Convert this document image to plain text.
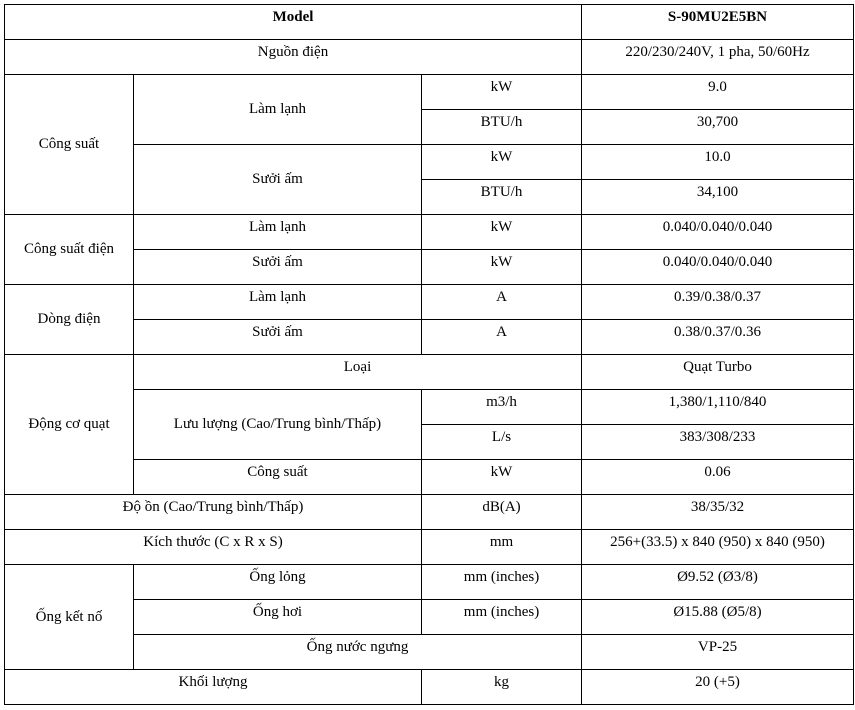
Model			S-90MU2E5BN
Nguồn điện			220/230/240V, 1 pha, 50/60Hz
Công suất	Làm lạnh	kW	9.0
		BTU/h	30,700
	Sưởi ấm	kW	10.0
		BTU/h	34,100
Công suất điện	Làm lạnh	kW	0.040/0.040/0.040
	Sưởi ấm	kW	0.040/0.040/0.040
Dòng điện	Làm lạnh	A	0.39/0.38/0.37
	Sưởi ấm	A	0.38/0.37/0.36
Động cơ quạt	Loại		Quạt Turbo
	Lưu lượng (Cao/Trung bình/Thấp)	m3/h	1,380/1,110/840
		L/s	383/308/233
	Công suất	kW	0.06
Độ ồn (Cao/Trung bình/Thấp)		dB(A)	38/35/32
Kích thước (C x R x S)		mm	256+(33.5) x 840 (950) x 840 (950)
Ống kết nố	Ống lỏng	mm (inches)	Ø9.52 (Ø3/8)
	Ống hơi	mm (inches)	Ø15.88 (Ø5/8)
	Ống nước ngưng		VP-25
Khối lượng		kg	20 (+5)
